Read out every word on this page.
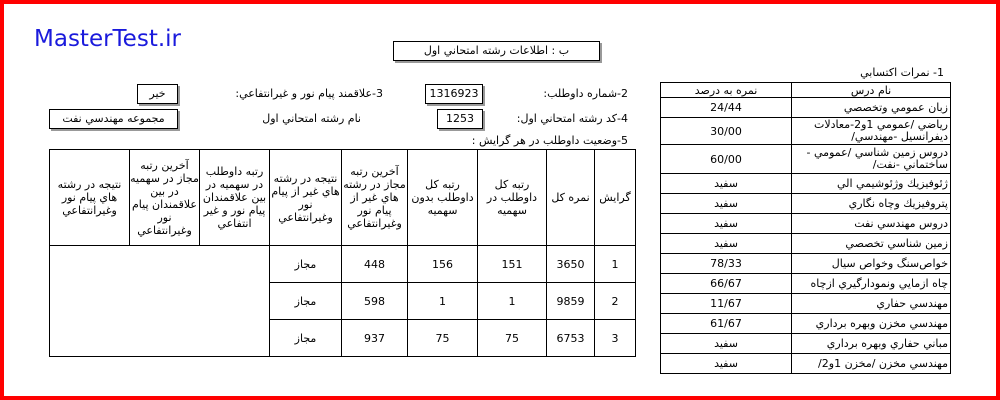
MasterTest.ir	ب : اطلاعات رشته امتحاني اول
1- نمرات اكتسابي
2-شماره داوطلب:
1316923
3-علاقمند پيام نور و غيرانتفاعي:
خير
4-كد رشته امتحاني اول:
1253
نام رشته امتحاني اول
مجموعه مهندسي نفت
5-وضعيت داوطلب در هر گرايش :
نام درس	نمره به درصد
زبان عمومي وتخصصي	24/44
رياضي /عمومي 1و2-معادلات ديفرانسيل -مهندسي/	30/00
دروس زمين شناسي /عمومي - ساختماني -نفت/	60/00
ژئوفيزيك وژئوشيمي الي	سفيد
پتروفيزيك وچاه نگاري	سفيد
دروس مهندسي نفت	سفيد
زمين شناسي تخصصي	سفيد
خواص‌سنگ وخواص سيال	78/33
چاه ازمايي ونمودارگيري ازچاه	66/67
مهندسي حفاري	11/67
مهندسي مخزن وبهره برداري	61/67
مباني حفاري وبهره برداري	سفيد
مهندسي مخزن /مخزن 1و2/	سفيد
گرايش	نمره كل	رتبه كل داوطلب در سهميه	رتبه كل داوطلب بدون سهميه	آخرين رتبه مجاز در رشته هاي غير از پيام نور وغيرانتفاعي	نتيجه در رشته هاي غير از پيام نور وغيرانتفاعي	رتبه داوطلب در سهميه در بين علاقمندان پيام نور و غير انتفاعي	آخرين رتبه مجاز در سهميه در بين علاقمندان پيام نور وغيرانتفاعي	نتيجه در رشته هاي پيام نور وغيرانتفاعي
1	3650	151	156	448	مجاز			
2	9859	1	1	598	مجاز			
3	6753	75	75	937	مجاز			
